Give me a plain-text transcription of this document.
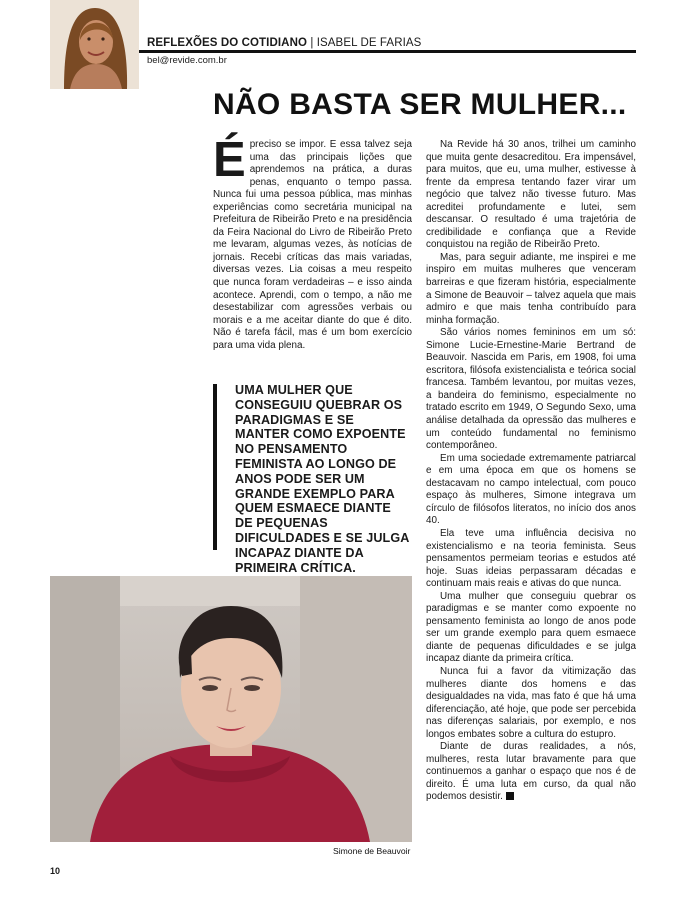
REFLEXÕES DO COTIDIANO | ISABEL DE FARIAS
bel@revide.com.br
NÃO BASTA SER MULHER...

Épreciso se impor. E essa talvez seja uma das principais lições que aprendemos na prática, a duras penas, enquanto o tempo passa. Nunca fui uma pessoa pública, mas minhas experiências como secretária municipal na Prefeitura de Ribeirão Preto e na presidência da Feira Nacional do Livro de Ribeirão Preto me levaram, algumas vezes, às notícias de jornais. Recebi críticas das mais variadas, diversas vezes. Lia coisas a meu respeito que nunca foram verdadeiras – e isso ainda acontece. Aprendi, com o tempo, a não me desestabilizar com agressões verbais ou morais e a me aceitar diante do que é dito. Não é tarefa fácil, mas é um bom exercício para uma vida plena.

UMA MULHER QUE CONSEGUIU QUEBRAR OS PARADIGMAS E SE MANTER COMO EXPOENTE NO PENSAMENTO FEMINISTA AO LONGO DE ANOS PODE SER UM GRANDE EXEMPLO PARA QUEM ESMAECE DIANTE DE PEQUENAS DIFICULDADES E SE JULGA INCAPAZ DIANTE DA PRIMEIRA CRÍTICA.
Simone de Beauvoir

Na Revide há 30 anos, trilhei um caminho que muita gente desacreditou. Era impensável, para muitos, que eu, uma mulher, estivesse à frente da empresa tentando fazer virar um negócio que talvez não tivesse futuro. Mas acreditei profundamente e lutei, sem descansar. O resultado é uma trajetória de credibilidade e confiança que a Revide conquistou na região de Ribeirão Preto.

Mas, para seguir adiante, me inspirei e me inspiro em muitas mulheres que venceram barreiras e que fizeram história, especialmente a Simone de Beauvoir – talvez aquela que mais admiro e que mais tenha contribuído para minha formação.

São vários nomes femininos em um só: Simone Lucie-Ernestine-Marie Bertrand de Beauvoir. Nascida em Paris, em 1908, foi uma escritora, filósofa existencialista e teórica social francesa. Também levantou, por muitas vezes, a bandeira do feminismo, especialmente no tratado escrito em 1949, O Segundo Sexo, uma análise detalhada da opressão das mulheres e um conteúdo fundamental no feminismo contemporâneo.

Em uma sociedade extremamente patriarcal e em uma época em que os homens se destacavam no campo intelectual, com pouco espaço às mulheres, Simone integrava um círculo de filósofos literatos, no início dos anos 40.

Ela teve uma influência decisiva no existencialismo e na teoria feminista. Seus pensamentos permeiam teorias e estudos até hoje. Suas ideias perpassaram décadas e continuam mais reais e ativas do que nunca.

Uma mulher que conseguiu quebrar os paradigmas e se manter como expoente no pensamento feminista ao longo de anos pode ser um grande exemplo para quem esmaece diante de pequenas dificuldades e se julga incapaz diante da primeira crítica.

Nunca fui a favor da vitimização das mulheres diante dos homens e das desigualdades na vida, mas fato é que há uma diferenciação, até hoje, que pode ser percebida nas diferenças salariais, por exemplo, e nos longos embates sobre a cultura do estupro.

Diante de duras realidades, a nós, mulheres, resta lutar bravamente para que continuemos a ganhar o espaço que nos é de direito. É uma luta em curso, da qual não podemos desistir.

10
